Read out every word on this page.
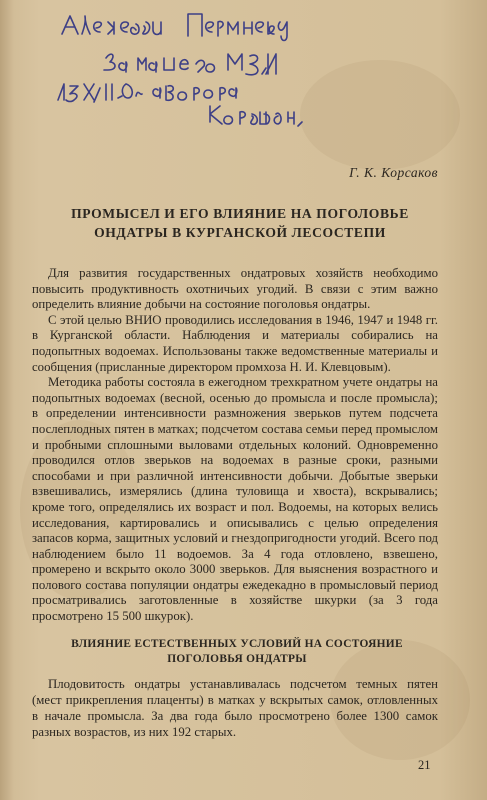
Г. К. Корсаков
ПРОМЫСЕЛ И ЕГО ВЛИЯНИЕ НА ПОГОЛОВЬЕ
ОНДАТРЫ В КУРГАНСКОЙ ЛЕСОСТЕПИ

Для развития государственных ондатровых хозяйств необходимо повысить продуктивность охотничьих угодий. В связи с этим важно определить влияние добычи на состояние поголовья ондатры.

С этой целью ВНИО проводились исследования в 1946, 1947 и 1948 гг. в Курганской области. Наблюдения и материалы собирались на подопытных водоемах. Использованы также ведомственные материалы и сообщения (присланные директором промхоза Н. И. Клевцовым).

Методика работы состояла в ежегодном трехкратном учете ондатры на подопытных водоемах (весной, осенью до промысла и после промысла); в определении интенсивности размножения зверьков путем подсчета послеплодных пятен в матках; подсчетом состава семьи перед промыслом и пробными сплошными выловами отдельных колоний. Одновременно проводился отлов зверьков на водоемах в разные сроки, разными способами и при различной интенсивности добычи. Добытые зверьки взвешивались, измерялись (длина туловища и хвоста), вскрывались; кроме того, определялись их возраст и пол. Водоемы, на которых велись исследования, картировались и описывались с целью определения запасов корма, защитных условий и гнездопригодности угодий. Всего под наблюдением было 11 водоемов. За 4 года отловлено, взвешено, промерено и вскрыто около 3000 зверьков. Для выяснения возрастного и полового состава популяции ондатры ежедекадно в промысловый период просматривались заготовленные в хозяйстве шкурки (за 3 года просмотрено 15 500 шкурок).

ВЛИЯНИЕ ЕСТЕСТВЕННЫХ УСЛОВИЙ НА СОСТОЯНИЕ ПОГОЛОВЬЯ ОНДАТРЫ

Плодовитость ондатры устанавливалась подсчетом темных пятен (мест прикрепления плаценты) в матках у вскрытых самок, отловленных в начале промысла. За два года было просмотрено более 1300 самок разных возрастов, из них 192 старых.

21
